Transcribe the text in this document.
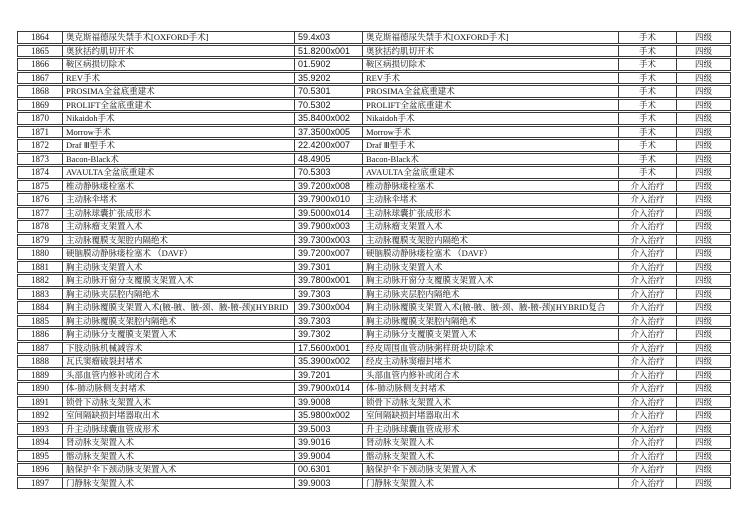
1864	奥克斯福德尿失禁手术[OXFORD手术]	59.4x03	奥克斯福德尿失禁手术[OXFORD手术]	手术	四级
1865	奥狄括约肌切开术	51.8200x001	奥狄括约肌切开术	手术	四级
1866	鞍区病损切除术	01.5902	鞍区病损切除术	手术	四级
1867	REV手术	35.9202	REV手术	手术	四级
1868	PROSIMA全盆底重建术	70.5301	PROSIMA全盆底重建术	手术	四级
1869	PROLIFT全盆底重建术	70.5302	PROLIFT全盆底重建术	手术	四级
1870	Nikaidoh手术	35.8400x002	Nikaidoh手术	手术	四级
1871	Morrow手术	37.3500x005	Morrow手术	手术	四级
1872	Draf Ⅲ型手术	22.4200x007	Draf Ⅲ型手术	手术	四级
1873	Bacon-Black术	48.4905	Bacon-Black术	手术	四级
1874	AVAULTA全盆底重建术	70.5303	AVAULTA全盆底重建术	手术	四级
1875	椎动静脉瘘栓塞术	39.7200x008	椎动静脉瘘栓塞术	介入治疗	四级
1876	主动脉伞堵术	39.7900x010	主动脉伞堵术	介入治疗	四级
1877	主动脉球囊扩张成形术	39.5000x014	主动脉球囊扩张成形术	介入治疗	四级
1878	主动脉瘤支架置入术	39.7900x003	主动脉瘤支架置入术	介入治疗	四级
1879	主动脉覆膜支架腔内隔绝术	39.7300x003	主动脉覆膜支架腔内隔绝术	介入治疗	四级
1880	硬脑膜动静脉瘘栓塞术 （DAVF）	39.7200x007	硬脑膜动静脉瘘栓塞术 （DAVF）	介入治疗	四级
1881	胸主动脉支架置入术	39.7301	胸主动脉支架置入术	介入治疗	四级
1882	胸主动脉开窗分支覆膜支架置入术	39.7800x001	胸主动脉开窗分支覆膜支架置入术	介入治疗	四级
1883	胸主动脉夹层腔内隔绝术	39.7303	胸主动脉夹层腔内隔绝术	介入治疗	四级
1884	胸主动脉覆膜支架置入术(腋-腋、腋-颈、腋-腋-颈)[HYBRID	39.7300x004	胸主动脉覆膜支架置入术(腋-腋、腋-颈、腋-腋-颈)[HYBRID复合	介入治疗	四级
1885	胸主动脉覆膜支架腔内隔绝术	39.7303	胸主动脉覆膜支架腔内隔绝术	介入治疗	四级
1886	胸主动脉分支覆膜支架置入术	39.7302	胸主动脉分支覆膜支架置入术	介入治疗	四级
1887	下肢动脉机械减容术	17.5600x001	经皮周围血管动脉粥样斑块切除术	介入治疗	四级
1888	瓦氏窦瘤破裂封堵术	35.3900x002	经皮主动脉窦瘤封堵术	介入治疗	四级
1889	头部血管内修补或闭合术	39.7201	头部血管内修补或闭合术	介入治疗	四级
1890	体-肺动脉侧支封堵术	39.7900x014	体-肺动脉侧支封堵术	介入治疗	四级
1891	锁骨下动脉支架置入术	39.9008	锁骨下动脉支架置入术	介入治疗	四级
1892	室间隔缺损封堵器取出术	35.9800x002	室间隔缺损封堵器取出术	介入治疗	四级
1893	升主动脉球囊血管成形术	39.5003	升主动脉球囊血管成形术	介入治疗	四级
1894	肾动脉支架置入术	39.9016	肾动脉支架置入术	介入治疗	四级
1895	髂动脉支架置入术	39.9004	髂动脉支架置入术	介入治疗	四级
1896	脑保护伞下颈动脉支架置入术	00.6301	脑保护伞下颈动脉支架置入术	介入治疗	四级
1897	门静脉支架置入术	39.9003	门静脉支架置入术	介入治疗	四级
